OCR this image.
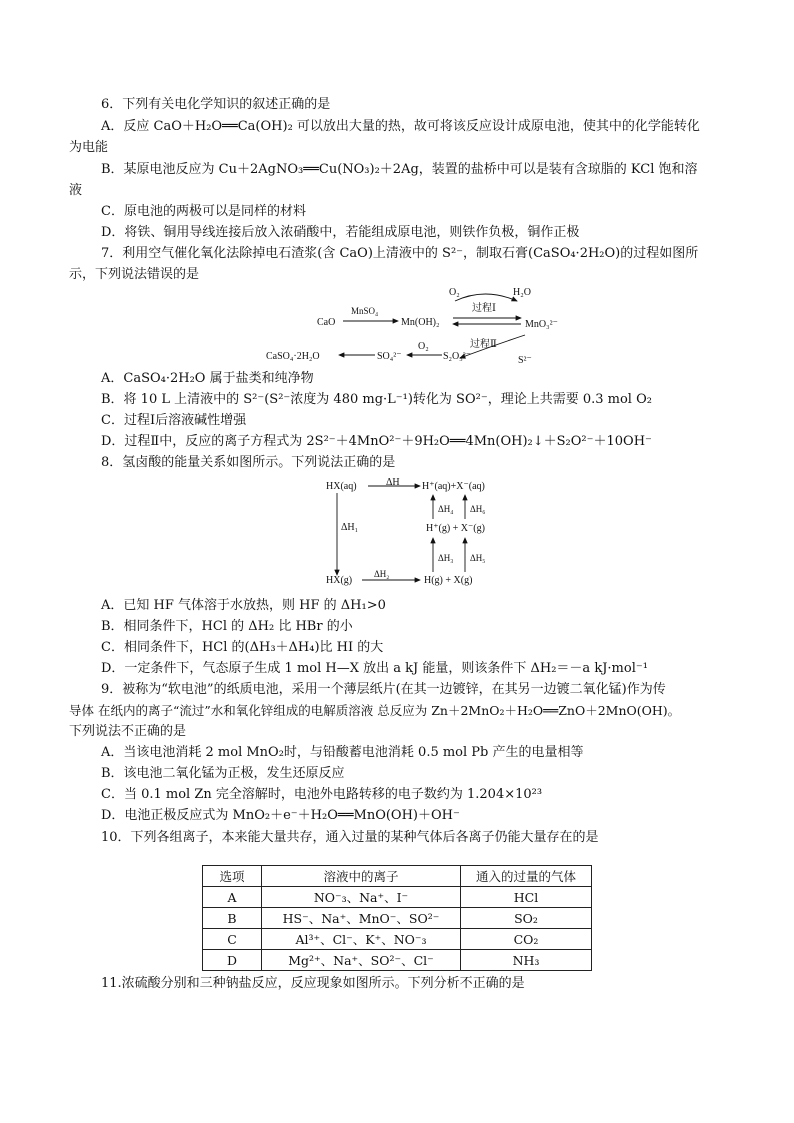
6．下列有关电化学知识的叙述正确的是
A．反应 CaO＋H₂O══Ca(OH)₂ 可以放出大量的热，故可将该反应设计成原电池，使其中的化学能转化
为电能
B．某原电池反应为 Cu＋2AgNO₃══Cu(NO₃)₂＋2Ag，装置的盐桥中可以是装有含琼脂的 KCl 饱和溶
液
C．原电池的两极可以是同样的材料
D．将铁、铜用导线连接后放入浓硝酸中，若能组成原电池，则铁作负极，铜作正极
7．利用空气催化氧化法除掉电石渣浆(含 CaO)上清液中的 S²⁻，制取石膏(CaSO₄·2H₂O)的过程如图所
示，下列说法错误的是
O₂	H₂O
过程Ⅰ
CaO
MnSO₄
Mn(OH)₂	MnO₃²⁻
O₂	过程Ⅱ
CaSO₄·2H₂O	SO₄²⁻	S₂O₃²⁻	S²⁻
A．CaSO₄·2H₂O 属于盐类和纯净物
B．将 10 L 上清液中的 S²⁻(S²⁻浓度为 480 mg·L⁻¹)转化为 SO²⁻，理论上共需要 0.3 mol O₂
C．过程Ⅰ后溶液碱性增强
D．过程Ⅱ中，反应的离子方程式为 2S²⁻＋4MnO²⁻＋9H₂O══4Mn(OH)₂↓＋S₂O²⁻＋10OH⁻
8．氢卤酸的能量关系如图所示。下列说法正确的是
HX(aq)	ΔH H⁺(aq)+X⁻(aq)
ΔH₁
ΔH₄ ΔH₆
H⁺(g) + X⁻(g)
ΔH₃ ΔH₅
HX(g)
ΔH₂
H(g) + X(g)
A．已知 HF 气体溶于水放热，则 HF 的 ΔH₁>0
B．相同条件下，HCl 的 ΔH₂ 比 HBr 的小
C．相同条件下，HCl 的(ΔH₃＋ΔH₄)比 HI 的大
D．一定条件下，气态原子生成 1 mol H—X 放出 a kJ 能量，则该条件下 ΔH₂＝－a kJ·mol⁻¹
9．被称为“软电池”的纸质电池，采用一个薄层纸片(在其一边镀锌，在其另一边镀二氧化锰)作为传
导体 在纸内的离子“流过”水和氧化锌组成的电解质溶液 总反应为 Zn＋2MnO₂＋H₂O══ZnO＋2MnO(OH)。
下列说法不正确的是
A．当该电池消耗 2 mol MnO₂时，与铅酸蓄电池消耗 0.5 mol Pb 产生的电量相等
B．该电池二氧化锰为正极，发生还原反应
C．当 0.1 mol Zn 完全溶解时，电池外电路转移的电子数约为 1.204×10²³
D．电池正极反应式为 MnO₂＋e⁻＋H₂O══MnO(OH)＋OH⁻
10．下列各组离子，本来能大量共存，通入过量的某种气体后各离子仍能大量存在的是
选项	溶液中的离子	通入的过量的气体
A	NO⁻₃、Na⁺、I⁻	HCl
B	HS⁻、Na⁺、MnO⁻、SO²⁻	SO₂
C	Al³⁺、Cl⁻、K⁺、NO⁻₃	CO₂
D	Mg²⁺、Na⁺、SO²⁻、Cl⁻	NH₃
11.浓硫酸分别和三种钠盐反应，反应现象如图所示。下列分析不正确的是
